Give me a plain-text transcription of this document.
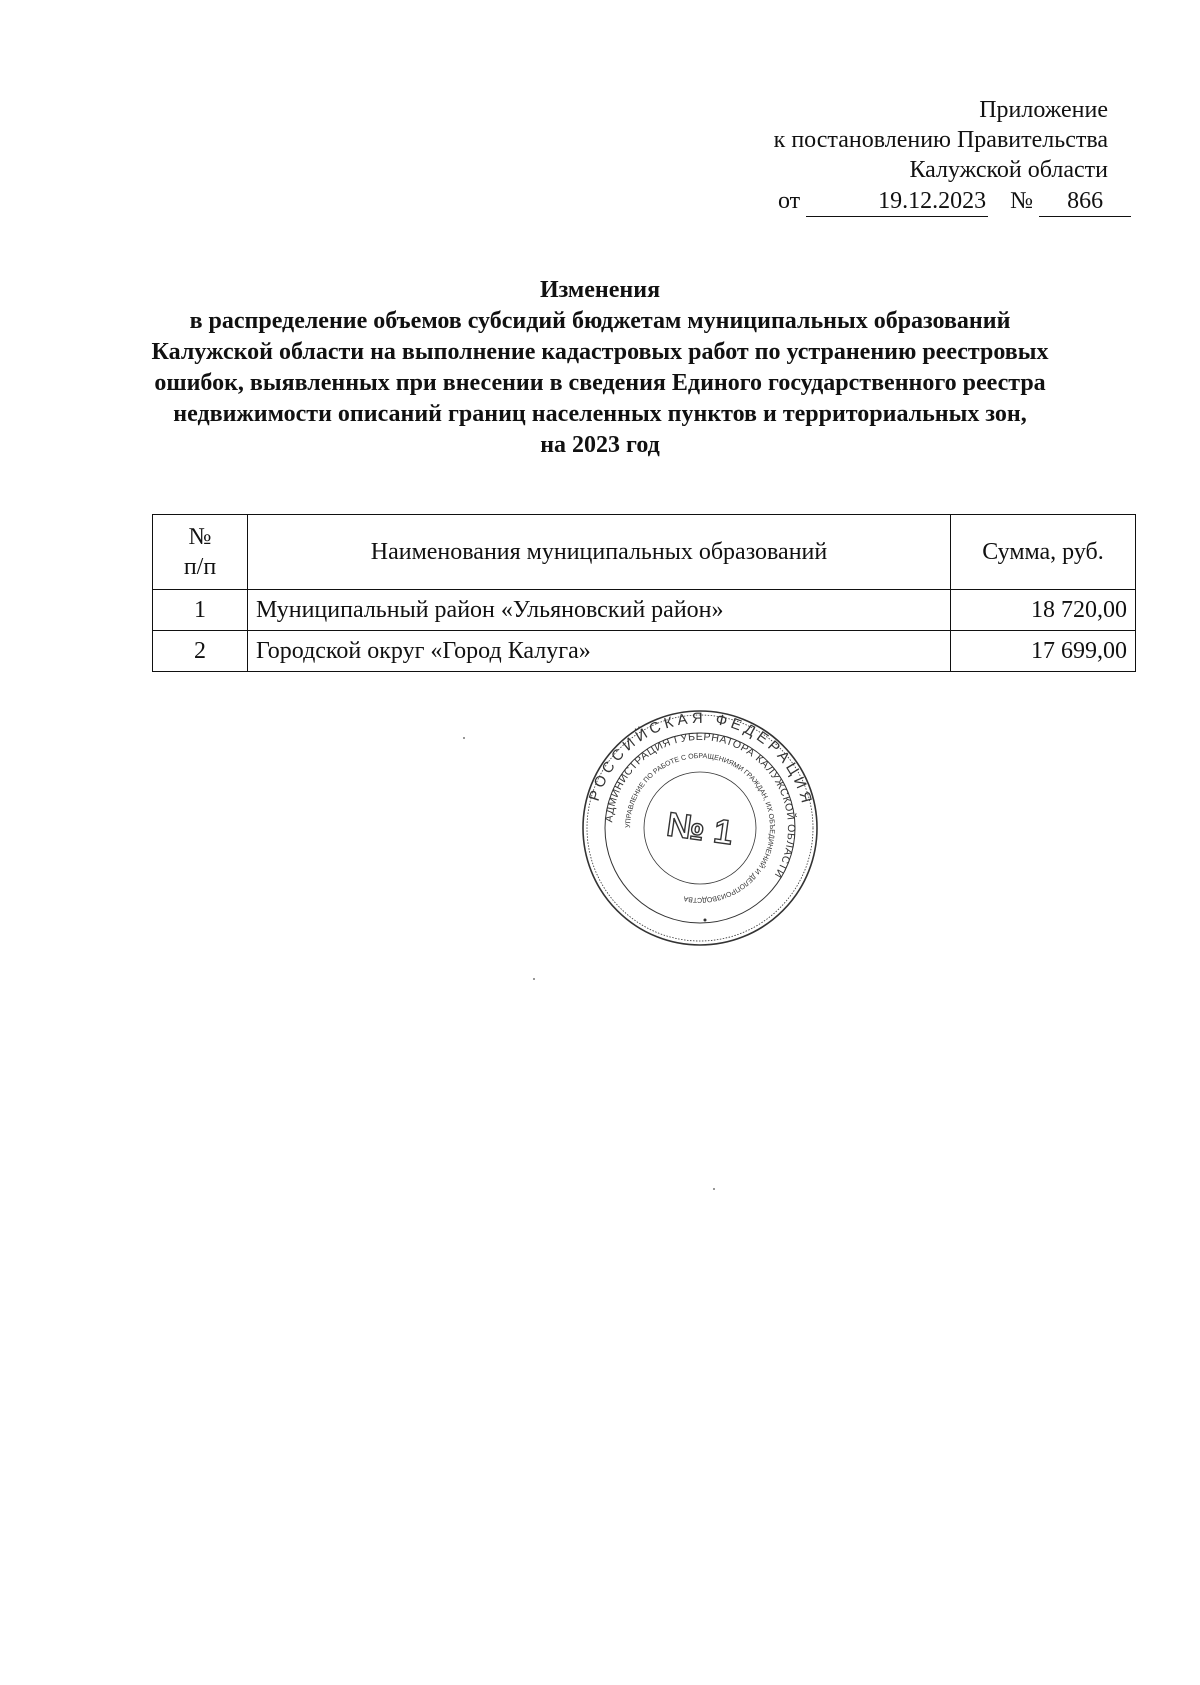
Приложение
к постановлению Правительства
Калужской области
от	19.12.2023 № 866
Изменения
в распределение объемов субсидий бюджетам муниципальных образований
Калужской области на выполнение кадастровых работ по устранению реестровых
ошибок, выявленных при внесении в сведения Единого государственного реестра
недвижимости описаний границ населенных пунктов и территориальных зон,
на 2023 год
№
п/п	Наименования муниципальных образований	Сумма, руб.
1	Муниципальный район «Ульяновский район»	18 720,00
2	Городской округ «Город Калуга»	17 699,00
РОССИЙСКАЯ ФЕДЕРАЦИЯ
АДМИНИСТРАЦИЯ ГУБЕРНАТОРА КАЛУЖСКОЙ ОБЛАСТИ
УПРАВЛЕНИЕ ПО РАБОТЕ С ОБРАЩЕНИЯМИ ГРАЖДАН, ИХ ОБЪЕДИНЕНИЙ И ДЕЛОПРОИЗВОДСТВА
№ 1
